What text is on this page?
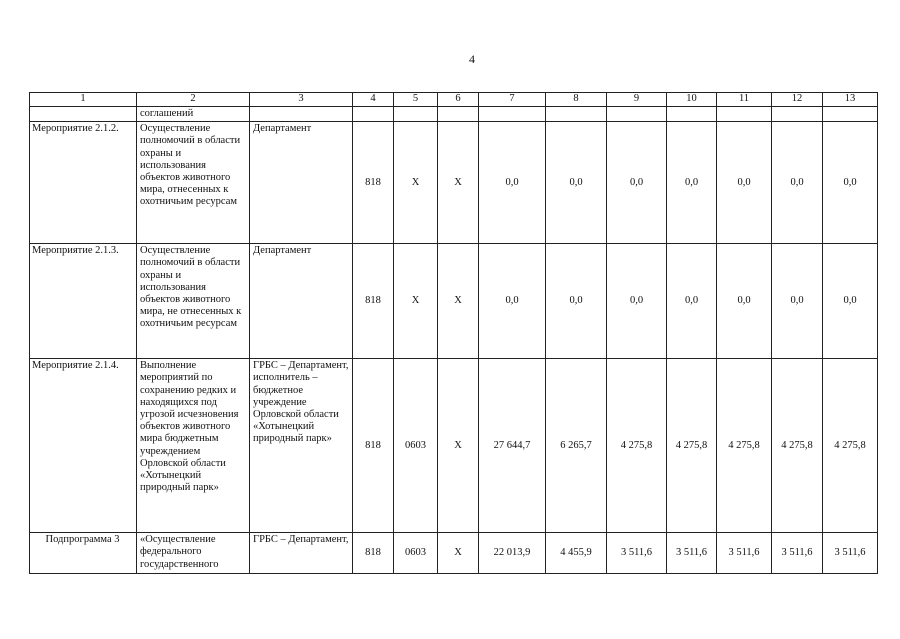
4
1	2	3	4	5	6	7	8	9	10	11	12	13
	соглашений											
Мероприятие 2.1.2.	Осуществление полномочий в области охраны и использования объектов животного мира, отнесенных к охотничьим ресурсам	Департамент	818	X	X	0,0	0,0	0,0	0,0	0,0	0,0	0,0
Мероприятие 2.1.3.	Осуществление полномочий в области охраны и использования объектов животного мира, не отнесенных к охотничьим ресурсам	Департамент	818	X	X	0,0	0,0	0,0	0,0	0,0	0,0	0,0
Мероприятие 2.1.4.	Выполнение мероприятий по сохранению редких и находящихся под угрозой исчезновения объектов животного мира бюджетным учреждением Орловской области «Хотынецкий природный парк»	ГРБС – Департамент, исполнитель – бюджетное учреждение Орловской области «Хотынецкий природный парк»	818	0603	X	27 644,7	6 265,7	4 275,8	4 275,8	4 275,8	4 275,8	4 275,8
Подпрограмма 3	«Осуществление федерального государственного	ГРБС – Департамент,	818	0603	X	22 013,9	4 455,9	3 511,6	3 511,6	3 511,6	3 511,6	3 511,6
